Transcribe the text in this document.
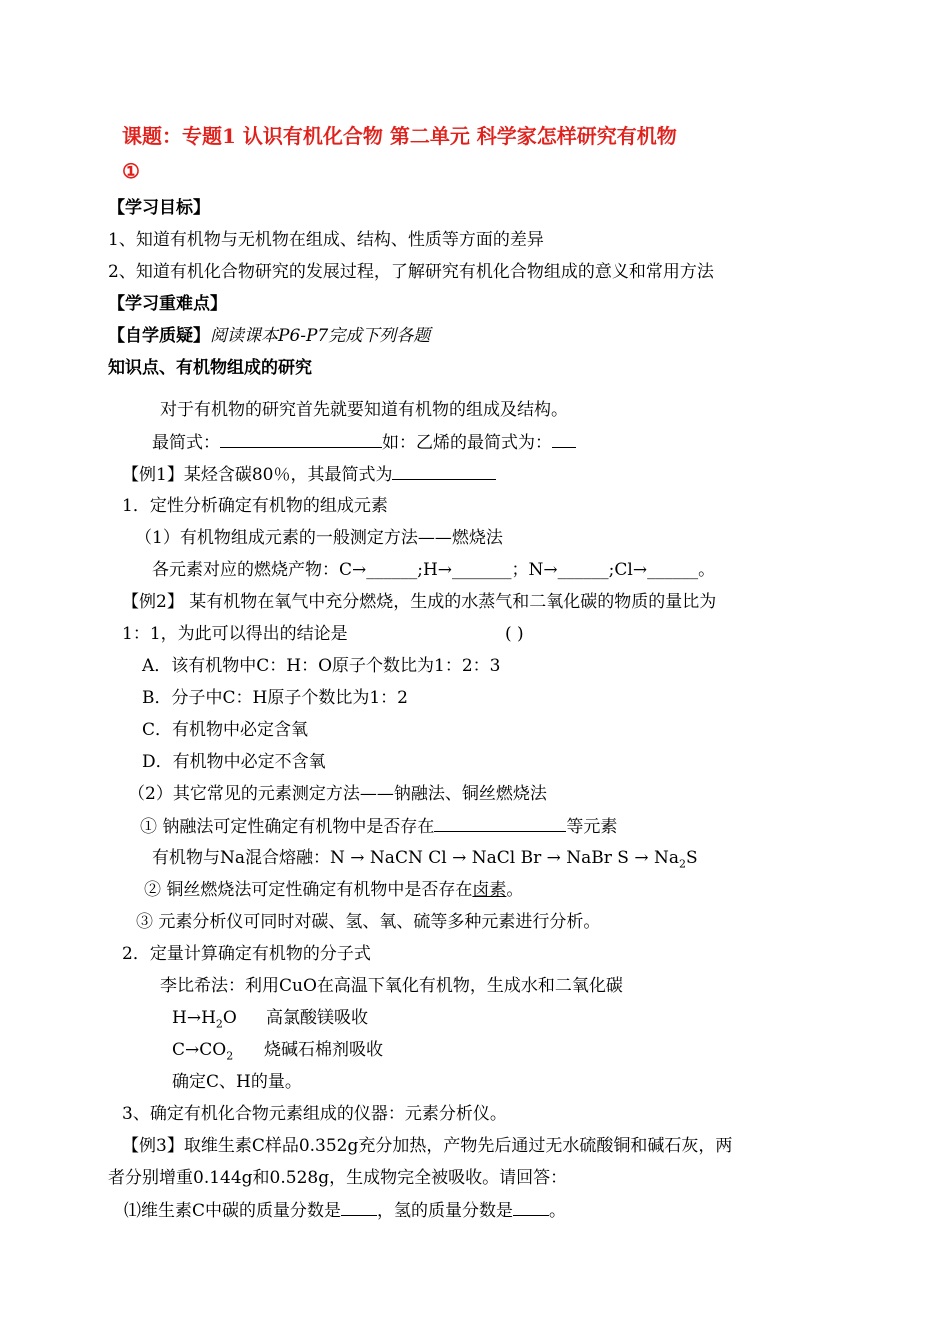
课题：专题1 认识有机化合物 第二单元 科学家怎样研究有机物
①
【学习目标】
1、知道有机物与无机物在组成、结构、性质等方面的差异
2、知道有机化合物研究的发展过程，了解研究有机化合物组成的意义和常用方法
【学习重难点】
【自学质疑】阅读课本P6-P7完成下列各题
知识点、有机物组成的研究
对于有机物的研究首先就要知道有机物的组成及结构。
最简式：	如：乙烯的最简式为：
【例1】某烃含碳80％，其最简式为
1．定性分析确定有机物的组成元素
（1）有机物组成元素的一般测定方法——燃烧法
各元素对应的燃烧产物：C→______;H→_______；N→______;Cl→______。
【例2】 某有机物在氧气中充分燃烧，生成的水蒸气和二氧化碳的物质的量比为
1：1，为此可以得出的结论是	( )
A．该有机物中C：H：O原子个数比为1：2：3
B．分子中C：H原子个数比为1：2
C．有机物中必定含氧
D．有机物中必定不含氧
（2）其它常见的元素测定方法——钠融法、铜丝燃烧法
① 钠融法可定性确定有机物中是否存在	等元素
有机物与Na混合熔融：N → NaCN Cl → NaCl Br → NaBr $S \to Na_2S$
② 铜丝燃烧法可定性确定有机物中是否存在卤素。
③ 元素分析仪可同时对碳、氢、氧、硫等多种元素进行分析。
2．定量计算确定有机物的分子式
李比希法：利用CuO在高温下氧化有机物，生成水和二氧化碳
$H\to H_2O$ 高氯酸镁吸收
$C\to CO_2$ 烧碱石棉剂吸收
确定C、H的量。
3、确定有机化合物元素组成的仪器：元素分析仪。
【例3】取维生素C样品0.352g充分加热，产物先后通过无水硫酸铜和碱石灰，两
者分别增重0.144g和0.528g，生成物完全被吸收。请回答：
⑴维生素C中碳的质量分数是 ，氢的质量分数是 。
